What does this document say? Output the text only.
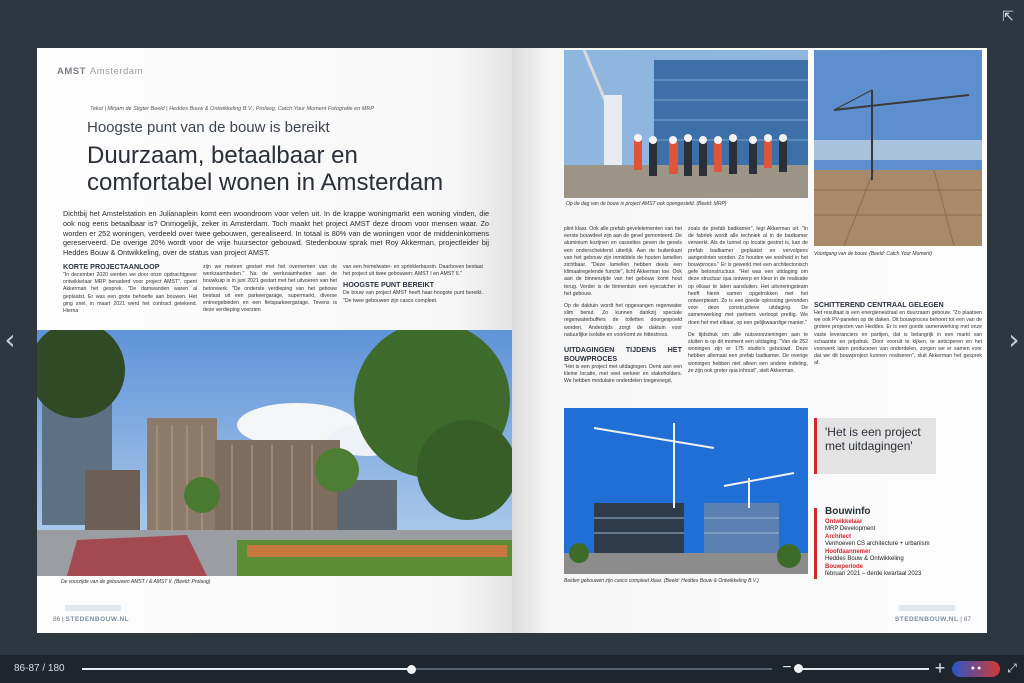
⇱
‹	›
AMST Amsterdam
Tekst | Mirjam de Stigter Beeld | Heddes Bouw & Ontwikkeling B.V., Prolaog, Catch Your Moment Fotografie en MRP
Hoogste punt van de bouw is bereikt
Duurzaam, betaalbaar en comfortabel wonen in Amsterdam
Dichtbij het Amstelstation en Julianaplein komt een woondroom voor velen uit. In de krappe woningmarkt een woning vinden, die ook nog eens betaalbaar is? Onmogelijk, zeker in Amsterdam. Toch maakt het project AMST deze droom voor mensen waar. Zo worden er 252 woningen, verdeeld over twee gebouwen, gerealiseerd. In totaal is 80% van de woningen voor de middeninkomens gereserveerd. De overige 20% wordt voor de vrije huursector gebouwd. Stedenbouw sprak met Roy Akkerman, projectleider bij Heddes Bouw & Ontwikkeling, over de status van project AMST.
KORTE PROJECTAANLOOP

"In december 2020 werden we door onze opdrachtgever ontwikkelaar MRP benaderd voor project AMST", opent Akkerman het gesprek. "De damwanden waren al geplaatst. Er was een grote behoefte aan bouwen. Het ging snel, in maart 2021 werd het contract getekend. Hierna

zijn we meteen gestart met het overnemen van de werkzaamheden." Na de werkzaamheden aan de bouwkuip is in juni 2021 gestart met het uitvoeren van het betonwerk. "De onderste verdieping van het gebouw bestaat uit een parkeergarage, supermarkt, diverse entreegebieden en een fietsparkeergarage. Tevens is deze verdieping voorzien

van een hemelwater- en sprinklerbassin. Daarboven bestaat het project uit twee gebouwen: AMST I en AMST II."

HOOGSTE PUNT BEREIKT

De bouw van project AMST heeft haar hoogste punt bereikt. "De twee gebouwen zijn casco compleet.

De voorzijde van de gebouwen AMST I & AMST II. (Beeld: Prolaog)
86 | STEDENBOUW.NL
Op de dag van de bouw is project AMST ook opengesteld. (Beeld: MRP)
Voortgang van de bouw. (Beeld: Catch Your Moment)

plint klaar. Ook alle prefab gevelelementen van het eerste bouwdeel zijn aan de gevel gemonteerd. De aluminium kozijnen en cassettes geven de gevels een onderscheidend uiterlijk. Aan de buitenkant van het gebouw zijn inmiddels de houten lamellen zichtbaar. "Deze lamellen hebben deels een klimaatregelende functie", licht Akkerman toe. Ook aan de binnenzijde van het gebouw komt hout terug. Verder is de binnentuin een eyecatcher in het gebouw.

Op de daktuin wordt het opgevangen regenwater slim benut. Zo kunnen dankzij speciale regenwaterbuffers de toiletten doorgespoeld worden. Anderzijds zorgt de daktuin voor natuurlijke isolatie en voorkomt ze hittestress.

UITDAGINGEN TIJDENS HET BOUWPROCES

"Het is een project met uitdagingen. Denk aan een kleine locatie, met veel verkeer en stakeholders. We hebben modulaire onderdelen toegevoegd,

zoals de prefab badkamer", legt Akkerman uit. "In de fabriek wordt alle techniek al in de badkamer verwerkt. Als de tunnel op locatie gestort is, kan de prefab badkamer geplaatst en vervolgens aangesloten worden. Zo houden we snelheid in het bouwproces." Er is gewerkt met een architectonisch gefe betonstructuur. "Het was een uitdaging om deze structuur qua ontwerp en kleur in de realisatie op elkaar te laten aansluiten. Het uitvoeringsteam heeft hierin samen opgetrokken met het ontwerpteam. Zo is een goede oplossing gevonden voor deze constructieve uitdaging. De samenwerking met partners verloopt prettig. We doen het met elkaar, op een gelijkwaardige manier."

De tijdsdruk om alle nutsvoorzieningen aan te sluiten is op dit moment een uitdaging. "Van de 252 woningen zijn er 175 studio's gebouwd. Deze hebben allemaal een prefab badkamer. De overige woningen hebben niet alleen een andere indeling, ze zijn ook groter qua inhoud", stelt Akkerman.

SCHITTEREND CENTRAAL GELEGEN

Het resultaat is een energieneutraal en duurzaam gebouw. "Zo plaatsen we ook PV-panelen op de daken. Dit bouwproces behoort tot een van de grotere projecten van Heddes. Er is een goede samenwerking met onze vaste leveranciers en partijen, dat is belangrijk in een markt van schaarste en prijsdruk. Door vooruit te kijken, te anticiperen en het voorwerk laten produceren van onderdelen, zorgen we er samen voor dat we dit bouwproject kunnen realiseren", sluit Akkerman het gesprek af.

'Het is een project met uitdagingen'
Beiden gebouwen zijn casco compleet klaar. (Beeld: Heddes Bouw & Ontwikkeling B.V.)
Bouwinfo
Ontwikkelaar
MRP Development
Architect
Venhoeven CS architecture + urbanism
Hoofdaannemer
Heddes Bouw & Ontwikkeling
Bouwperiode
februari 2021 – derde kwartaal 2023
STEDENBOUW.NL | 87
86-87 / 180	−	+	● ●	⤢
